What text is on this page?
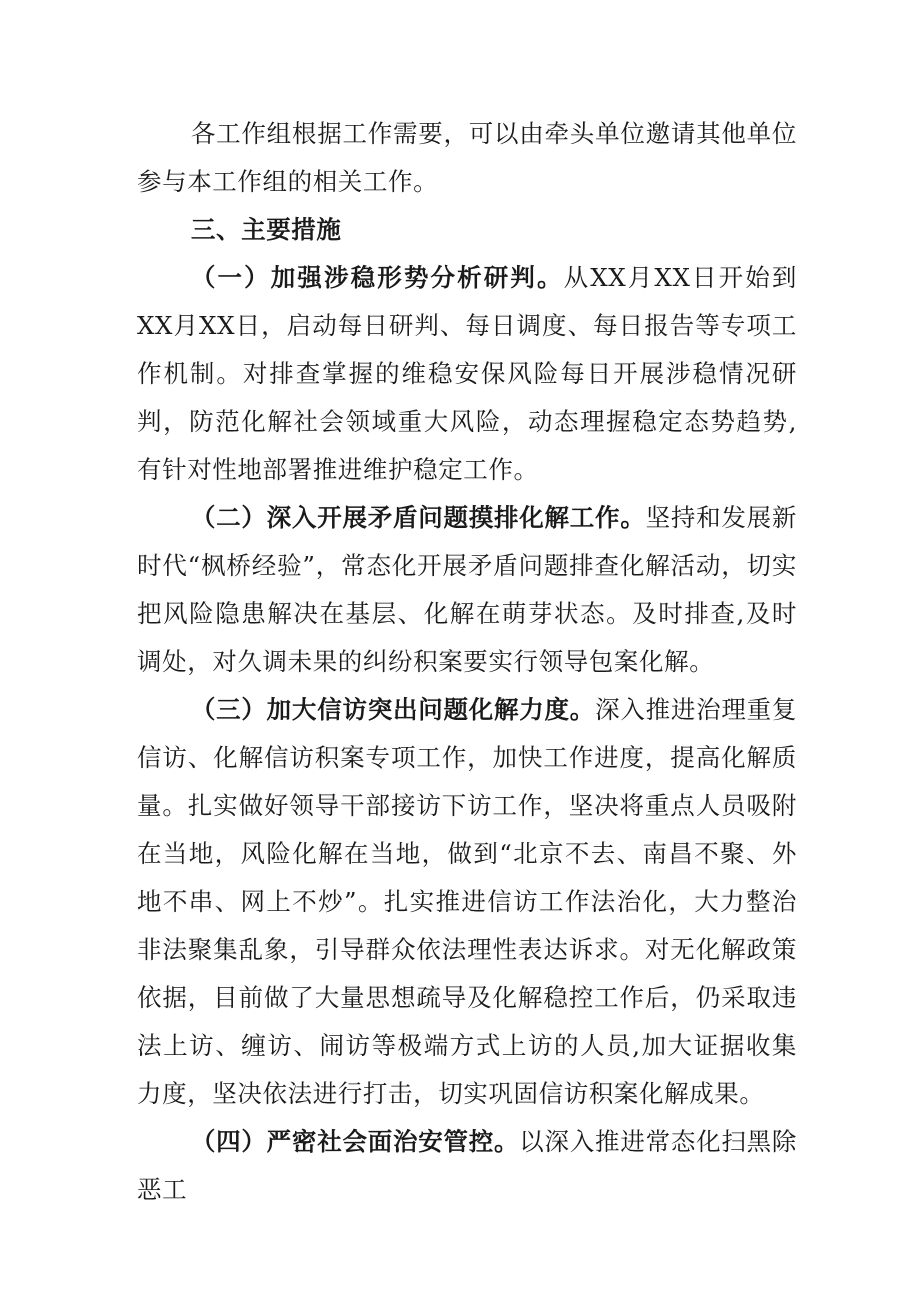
各工作组根据工作需要，可以由牵头单位邀请其他单位参与本工作组的相关工作。

三、主要措施

（一）加强涉稳形势分析研判。从XX月XX日开始到XX月XX日，启动每日研判、每日调度、每日报告等专项工作机制。对排查掌握的维稳安保风险每日开展涉稳情况研判，防范化解社会领域重大风险，动态理握稳定态势趋势,有针对性地部署推进维护稳定工作。

（二）深入开展矛盾问题摸排化解工作。坚持和发展新时代“枫桥经验”，常态化开展矛盾问题排查化解活动，切实把风险隐患解决在基层、化解在萌芽状态。及时排查,及时调处，对久调未果的纠纷积案要实行领导包案化解。

（三）加大信访突出问题化解力度。深入推进治理重复信访、化解信访积案专项工作，加快工作进度，提高化解质量。扎实做好领导干部接访下访工作，坚决将重点人员吸附在当地，风险化解在当地，做到“北京不去、南昌不聚、外地不串、网上不炒”。扎实推进信访工作法治化，大力整治非法聚集乱象，引导群众依法理性表达诉求。对无化解政策依据，目前做了大量思想疏导及化解稳控工作后，仍采取违法上访、缠访、闹访等极端方式上访的人员,加大证据收集力度，坚决依法进行打击，切实巩固信访积案化解成果。

（四）严密社会面治安管控。以深入推进常态化扫黑除恶工
